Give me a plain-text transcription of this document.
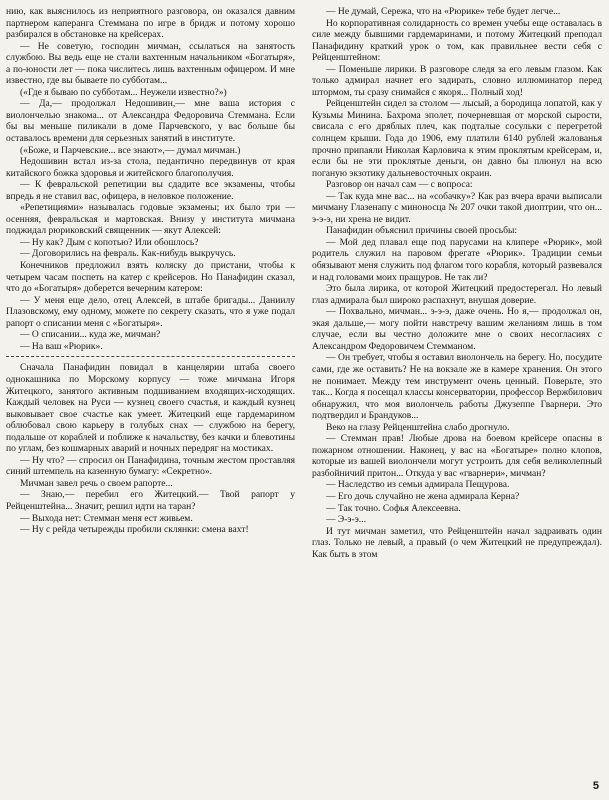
нию, как выяснилось из неприятного разговора, он оказался давним партнером каперанга Стеммана по игре в бридж и потому хорошо разбирался в обстановке на крейсерах.

— Не советую, господин мичман, ссылаться на занятость службою. Вы ведь еще не стали вахтенным начальником «Богатыря», а по-юности лет — пока числитесь лишь вахтенным офицером. И мне известно, где вы бываете по субботам...

(«Где я бываю по субботам... Неужели известно?»)

— Да,— продолжал Недошивин,— мне ваша история с виолончелью знакома... от Александра Федоровича Стеммана. Если бы вы меньше пиликали в доме Парчевского, у вас больше бы оставалось времени для серьезных занятий в институте.

(«Боже, и Парчевские... все знают»,— думал мичман.)

Недошивин встал из-за стола, педантично передвинув от края китайского божка здоровья и житейского благополучия.

— К февральской репетиции вы сдадите все экзамены, чтобы впредь я не ставил вас, офицера, в неловкое положение.

«Репетициями» называлась годовые экзамены; их было три — осенняя, февральская и мартовская. Внизу у института мичмана поджидал рюриковский священник — якут Алексей:

— Ну как? Дым с копотью? Или обошлось?

— Договорились на февраль. Как-нибудь выкручусь.

Конечников предложил взять коляску до пристани, чтобы к четырем часам поспеть на катер с крейсеров. Но Панафидин сказал, что до «Богатыря» доберется вечерним катером:

— У меня еще дело, отец Алексей, в штабе бригады... Даниилу Плазовскому, ему одному, можете по секрету сказать, что я уже подал рапорт о списании меня с «Богатыря».

— О списании... куда же, мичман?

— На ваш «Рюрик».

Сначала Панафидин повидал в канцелярии штаба своего однокашника по Морскому корпусу — тоже мичмана Игоря Житецкого, занятого активным подшиванием входящих-исходящих. Каждый человек на Руси — кузнец своего счастья, и каждый кузнец выковывает свое счастье как умеет. Житецкий еще гардемарином облюбовал свою карьеру в голубых снах — службою на берегу, подальше от кораблей и поближе к начальству, без качки и блевотины по углам, без кошмарных аварий и ночных передряг на мостиках.

— Ну что? — спросил он Панафидина, точным жестом проставляя синий штемпель на казенную бумагу: «Секретно».

Мичман завел речь о своем рапорте...

— Знаю,— перебил его Житецкий.— Твой рапорт у Рейценштейна... Значит, решил идти на таран?

— Выхода нет: Стемман меня ест живьем.

— Ну с рейда четырежды пробили склянки: смена вахт!

— Не думай, Сережа, что на «Рюрике» тебе будет легче...

Но корпоративная солидарность со времен учебы еще оставалась в силе между бывшими гардемаринами, и потому Житецкий преподал Панафидину краткий урок о том, как правильнее вести себя с Рейценштейном:

— Поменьше лирики. В разговоре следя за его левым глазом. Как только адмирал начнет его задирать, словно иллюминатор перед штормом, ты сразу снимайся с якоря... Полный ход!

Рейценштейн сидел за столом — лысый, а бородища лопатой, как у Кузьмы Минина. Бахрома эполет, почерневшая от морской сырости, свисала с его дряблых плеч, как подталые сосульки с перегретой солнцем крыши. Года до 1906, ему платили 6140 рублей жалованья прочно припаяли Николая Карловича к этим проклятым крейсерам, и, если бы не эти проклятые деньги, он давно бы плюнул на всю поганую экзотику дальневосточных окраин.

Разговор он начал сам — с вопроса:

— Так куда мне вас... на «собачку»? Как раз вчера врачи выписали мичману Глазенапу с миноносца № 207 очки такой диоптрии, что он... э-э-э, ни хрена не видит.

Панафидин объяснил причины своей просьбы:

— Мой дед плавал еще под парусами на клипере «Рюрик», мой родитель служил на паровом фрегате «Рюрик». Традиции семьи обязывают меня служить под флагом того корабля, который развевался и над головами моих пращуров. Не так ли?

Это была лирика, от которой Житецкий предостерегал. Но левый глаз адмирала был широко распахнут, внушая доверие.

— Похвально, мичман... э-э-э, даже очень. Но я,— продолжал он, экая дальше,— могу пойти навстречу вашим желаниям лишь в том случае, если вы честно доложите мне о своих несогласиях с Александром Федоровичем Стемманом.

— Он требует, чтобы я оставил виолончель на берегу. Но, посудите сами, где же оставить? Не на вокзале же в камере хранения. Он этого не понимает. Между тем инструмент очень ценный. Поверьте, это так... Когда я посещал классы консерватории, профессор Вержбилович обнаружил, что моя виолончель работы Джузеппе Гварнери. Это подтвердил и Брандуков...

Веко на глазу Рейценштейна слабо дрогнуло.

— Стемман прав! Любые дрова на боевом крейсере опасны в пожарном отношении. Наконец, у вас на «Богатыре» полно клопов, которые из вашей виолончели могут устроить для себя великолепный разбойничий притон... Откуда у вас «гварнери», мичман?

— Наследство из семьи адмирала Пещурова.

— Его дочь случайно не жена адмирала Керна?

— Так точно. Софья Алексеевна.

— Э-э-э...

И тут мичман заметил, что Рейценштейн начал задраивать один глаз. Только не левый, а правый (о чем Житецкий не предупреждал). Как быть в этом

5
